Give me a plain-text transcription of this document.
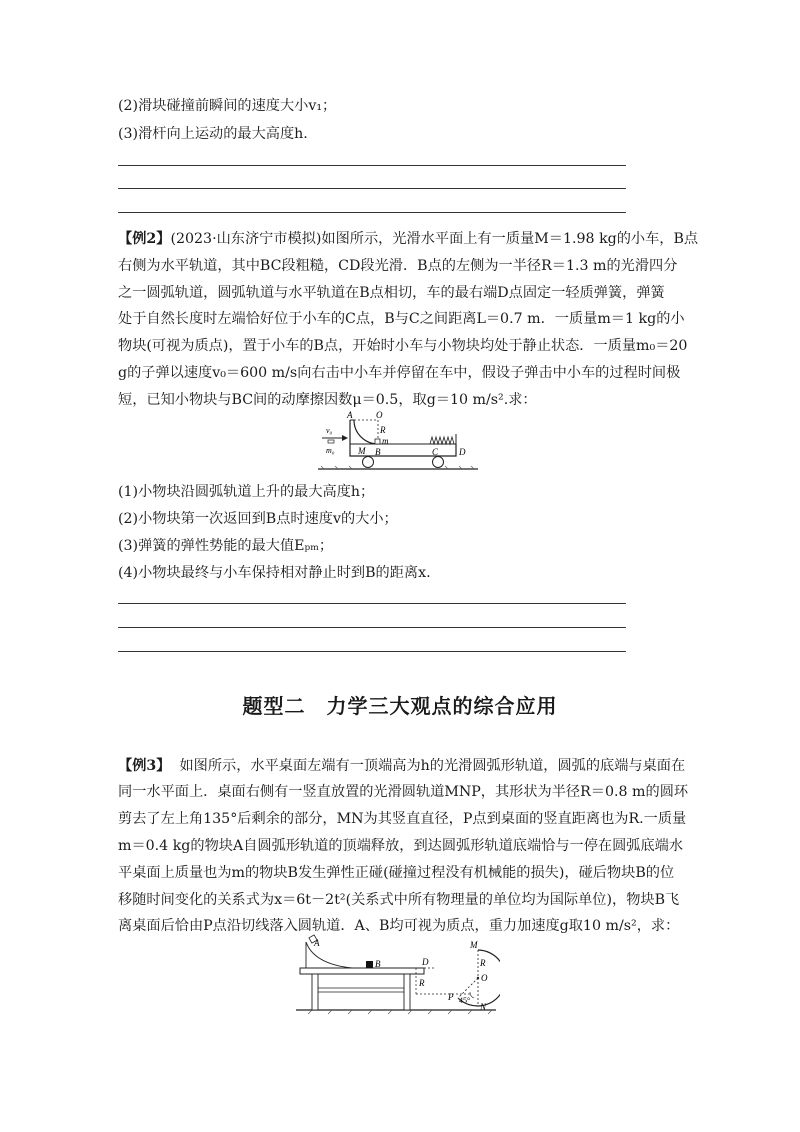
(2)滑块碰撞前瞬间的速度大小v₁；
(3)滑杆向上运动的最大高度h.
【例2】(2023·山东济宁市模拟)如图所示，光滑水平面上有一质量M＝1.98 kg的小车，B点
右侧为水平轨道，其中BC段粗糙，CD段光滑．B点的左侧为一半径R＝1.3 m的光滑四分
之一圆弧轨道，圆弧轨道与水平轨道在B点相切，车的最右端D点固定一轻质弹簧，弹簧
处于自然长度时左端恰好位于小车的C点，B与C之间距离L＝0.7 m．一质量m＝1 kg的小
物块(可视为质点)，置于小车的B点，开始时小车与小物块均处于静止状态．一质量m₀＝20
g的子弹以速度v₀＝600 m/s向右击中小车并停留在车中，假设子弹击中小车的过程时间极
短，已知小物块与BC间的动摩擦因数μ＝0.5，取g＝10 m/s².求：
A	O
R
m
M B	C D
v₀
m₀
(1)小物块沿圆弧轨道上升的最大高度h；
(2)小物块第一次返回到B点时速度v的大小；
(3)弹簧的弹性势能的最大值Eₚₘ；
(4)小物块最终与小车保持相对静止时到B的距离x.
题型二　力学三大观点的综合应用
【例3】 如图所示，水平桌面左端有一顶端高为h的光滑圆弧形轨道，圆弧的底端与桌面在
同一水平面上．桌面右侧有一竖直放置的光滑圆轨道MNP，其形状为半径R＝0.8 m的圆环
剪去了左上角135°后剩余的部分，MN为其竖直直径，P点到桌面的竖直距离也为R.一质量
m＝0.4 kg的物块A自圆弧形轨道的顶端释放，到达圆弧形轨道底端恰与一停在圆弧底端水
平桌面上质量也为m的物块B发生弹性正碰(碰撞过程没有机械能的损失)，碰后物块B的位
移随时间变化的关系式为x＝6t－2t²(关系式中所有物理量的单位均为国际单位)，物块B飞
离桌面后恰由P点沿切线落入圆轨道．A、B均可视为质点，重力加速度g取10 m/s²，求：
A
B	D
R
M
R
O
P
N
45°
